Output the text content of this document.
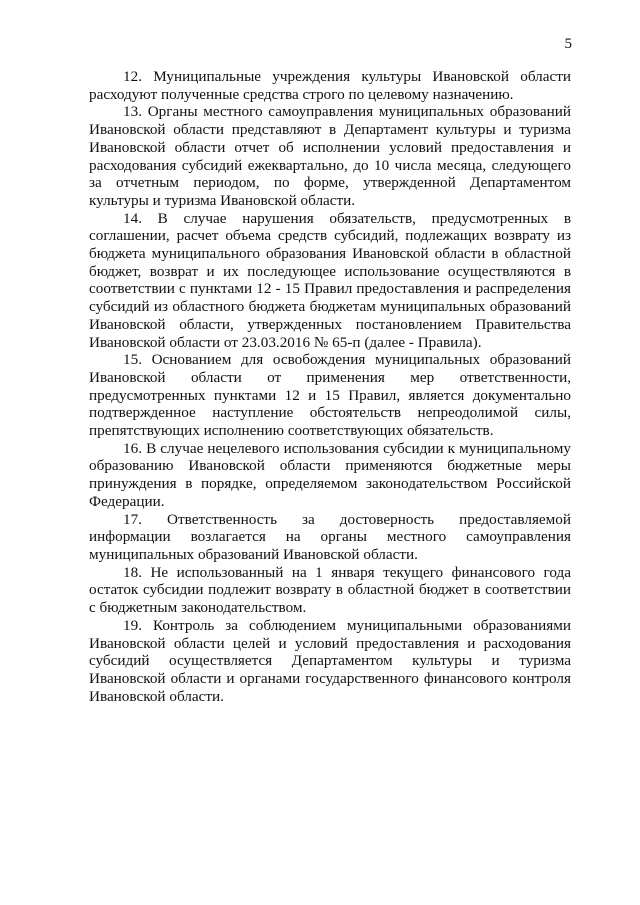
5

12. Муниципальные учреждения культуры Ивановской области расходуют полученные средства строго по целевому назначению.

13. Органы местного самоуправления муниципальных образований Ивановской области представляют в Департамент культуры и туризма Ивановской области отчет об исполнении условий предоставления и расходования субсидий ежеквартально, до 10 числа месяца, следующего за отчетным периодом, по форме, утвержденной Департаментом культуры и туризма Ивановской области.

14. В случае нарушения обязательств, предусмотренных в соглашении, расчет объема средств субсидий, подлежащих возврату из бюджета муниципального образования Ивановской области в областной бюджет, возврат и их последующее использование осуществляются в соответствии с пунктами 12 - 15 Правил предоставления и распределения субсидий из областного бюджета бюджетам муниципальных образований Ивановской области, утвержденных постановлением Правительства Ивановской области от 23.03.2016 № 65-п (далее - Правила).

15. Основанием для освобождения муниципальных образований Ивановской области от применения мер ответственности, предусмотренных пунктами 12 и 15 Правил, является документально подтвержденное наступление обстоятельств непреодолимой силы, препятствующих исполнению соответствующих обязательств.

16. В случае нецелевого использования субсидии к муниципальному образованию Ивановской области применяются бюджетные меры принуждения в порядке, определяемом законодательством Российской Федерации.

17. Ответственность за достоверность предоставляемой информации возлагается на органы местного самоуправления муниципальных образований Ивановской области.

18. Не использованный на 1 января текущего финансового года остаток субсидии подлежит возврату в областной бюджет в соответствии с бюджетным законодательством.

19. Контроль за соблюдением муниципальными образованиями Ивановской области целей и условий предоставления и расходования субсидий осуществляется Департаментом культуры и туризма Ивановской области и органами государственного финансового контроля Ивановской области.
